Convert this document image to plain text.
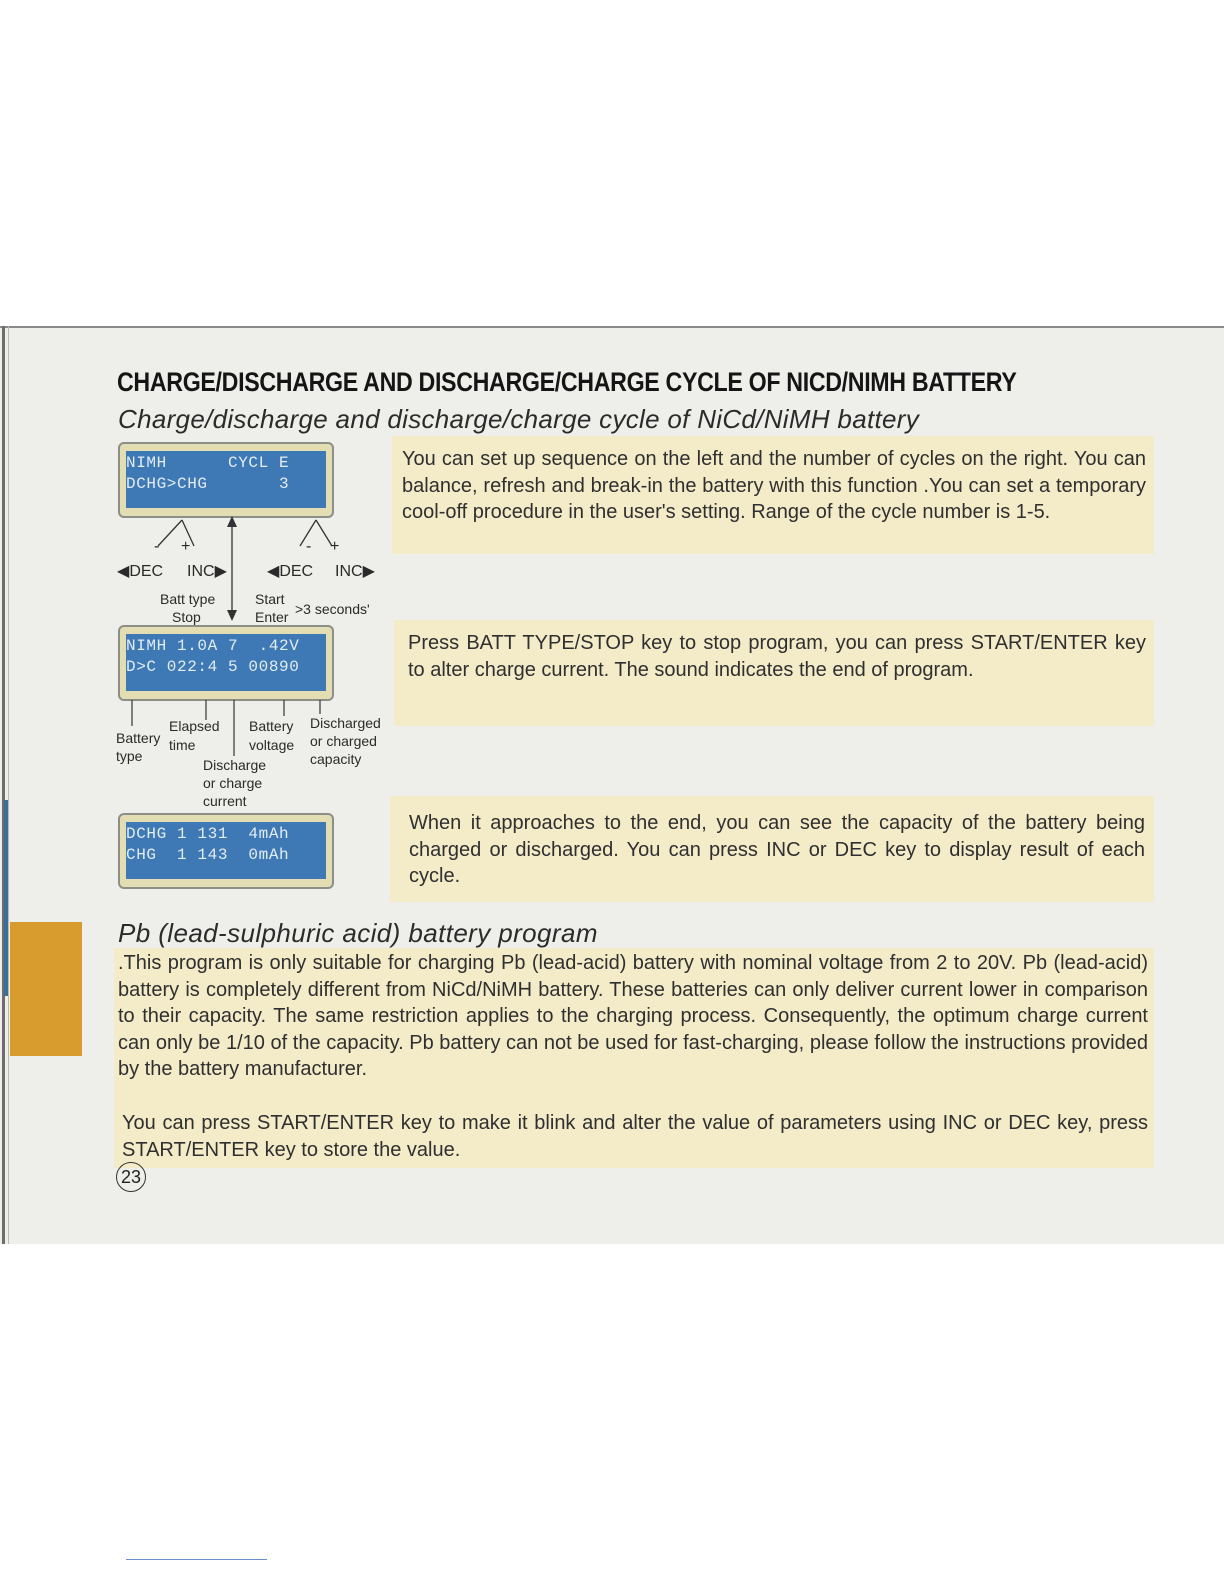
CHARGE/DISCHARGE AND DISCHARGE/CHARGE CYCLE OF NICD/NIMH BATTERY
Charge/discharge and discharge/charge cycle of NiCd/NiMH battery
NIMH      CYCL E
DCHG>CHG       3
- +	- +
◀DEC INC▶	◀DEC INC▶
Batt type
Stop
Start
Enter >3 seconds'

You can set up sequence on the left and the number of cycles on the right. You can balance, refresh and break-in the battery with this function .You can set a temporary cool-off procedure in the user's setting. Range of the cycle number is 1-5.

NIMH 1.0A 7  .42V
D>C 022:4 5 00890
Elapsed
time
Battery
type
Battery
voltage
Discharged
or charged
capacity
Discharge
or charge
current

Press BATT TYPE/STOP key to stop program, you can press START/ENTER key to alter charge current. The sound indicates the end of program.

DCHG 1 131  4mAh
CHG  1 143  0mAh

When it approaches to the end, you can see the capacity of the battery being charged or discharged. You can press INC or DEC key to display result of each cycle.

Pb (lead-sulphuric acid) battery program

.This program is only suitable for charging Pb (lead-acid) battery with nominal voltage from 2 to 20V. Pb (lead-acid) battery is completely different from NiCd/NiMH battery. These batteries can only deliver current lower in comparison to their capacity. The same restriction applies to the charging process. Consequently, the optimum charge current can only be 1/10 of the capacity. Pb battery can not be used for fast-charging, please follow the instructions provided by the battery manufacturer.

You can press START/ENTER key to make it blink and alter the value of parameters using INC or DEC key, press START/ENTER key to store the value.

23
